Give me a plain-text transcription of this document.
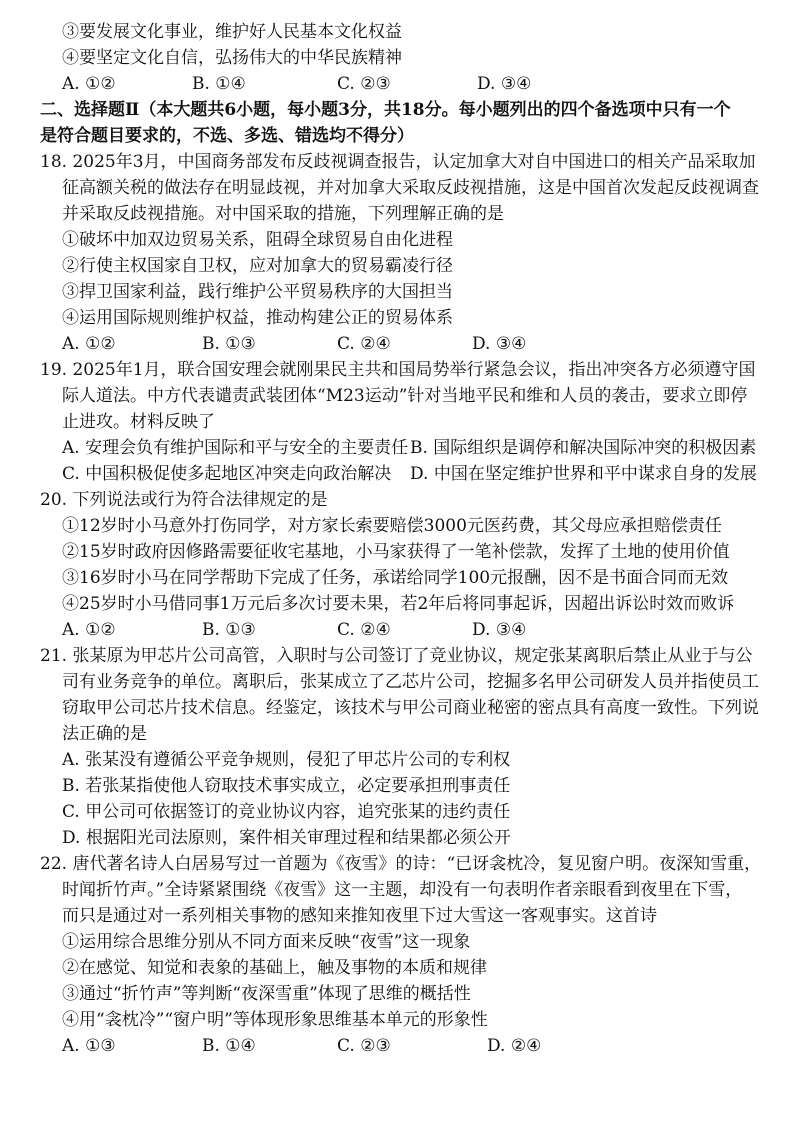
③要发展文化事业，维护好人民基本文化权益
④要坚定文化自信，弘扬伟大的中华民族精神
A. ①②	B. ①④	C. ②③	D. ③④
二、选择题Ⅱ（本大题共6小题，每小题3分，共18分。每小题列出的四个备选项中只有一个
是符合题目要求的，不选、多选、错选均不得分）
18. 2025年3月，中国商务部发布反歧视调查报告，认定加拿大对自中国进口的相关产品采取加
征高额关税的做法存在明显歧视，并对加拿大采取反歧视措施，这是中国首次发起反歧视调查
并采取反歧视措施。对中国采取的措施，下列理解正确的是
①破坏中加双边贸易关系，阻碍全球贸易自由化进程
②行使主权国家自卫权，应对加拿大的贸易霸凌行径
③捍卫国家利益，践行维护公平贸易秩序的大国担当
④运用国际规则维护权益，推动构建公正的贸易体系
A. ①②	B. ①③	C. ②④	D. ③④
19. 2025年1月，联合国安理会就刚果民主共和国局势举行紧急会议，指出冲突各方必须遵守国
际人道法。中方代表谴责武装团体“M23运动”针对当地平民和维和人员的袭击，要求立即停
止进攻。材料反映了
A. 安理会负有维护国际和平与安全的主要责任 B. 国际组织是调停和解决国际冲突的积极因素
C. 中国积极促使多起地区冲突走向政治解决 D. 中国在坚定维护世界和平中谋求自身的发展
20. 下列说法或行为符合法律规定的是
①12岁时小马意外打伤同学，对方家长索要赔偿3000元医药费，其父母应承担赔偿责任
②15岁时政府因修路需要征收宅基地，小马家获得了一笔补偿款，发挥了土地的使用价值
③16岁时小马在同学帮助下完成了任务，承诺给同学100元报酬，因不是书面合同而无效
④25岁时小马借同事1万元后多次讨要未果，若2年后将同事起诉，因超出诉讼时效而败诉
A. ①②	B. ①③	C. ②④	D. ③④
21. 张某原为甲芯片公司高管，入职时与公司签订了竞业协议，规定张某离职后禁止从业于与公
司有业务竞争的单位。离职后，张某成立了乙芯片公司，挖掘多名甲公司研发人员并指使员工
窃取甲公司芯片技术信息。经鉴定，该技术与甲公司商业秘密的密点具有高度一致性。下列说
法正确的是
A. 张某没有遵循公平竞争规则，侵犯了甲芯片公司的专利权
B. 若张某指使他人窃取技术事实成立，必定要承担刑事责任
C. 甲公司可依据签订的竞业协议内容，追究张某的违约责任
D. 根据阳光司法原则，案件相关审理过程和结果都必须公开
22. 唐代著名诗人白居易写过一首题为《夜雪》的诗：“已讶衾枕冷，复见窗户明。夜深知雪重，
时闻折竹声。”全诗紧紧围绕《夜雪》这一主题，却没有一句表明作者亲眼看到夜里在下雪，
而只是通过对一系列相关事物的感知来推知夜里下过大雪这一客观事实。这首诗
①运用综合思维分别从不同方面来反映“夜雪”这一现象
②在感觉、知觉和表象的基础上，触及事物的本质和规律
③通过“折竹声”等判断“夜深雪重”体现了思维的概括性
④用“衾枕冷”“窗户明”等体现形象思维基本单元的形象性
A. ①③	B. ①④	C. ②③	D. ②④
